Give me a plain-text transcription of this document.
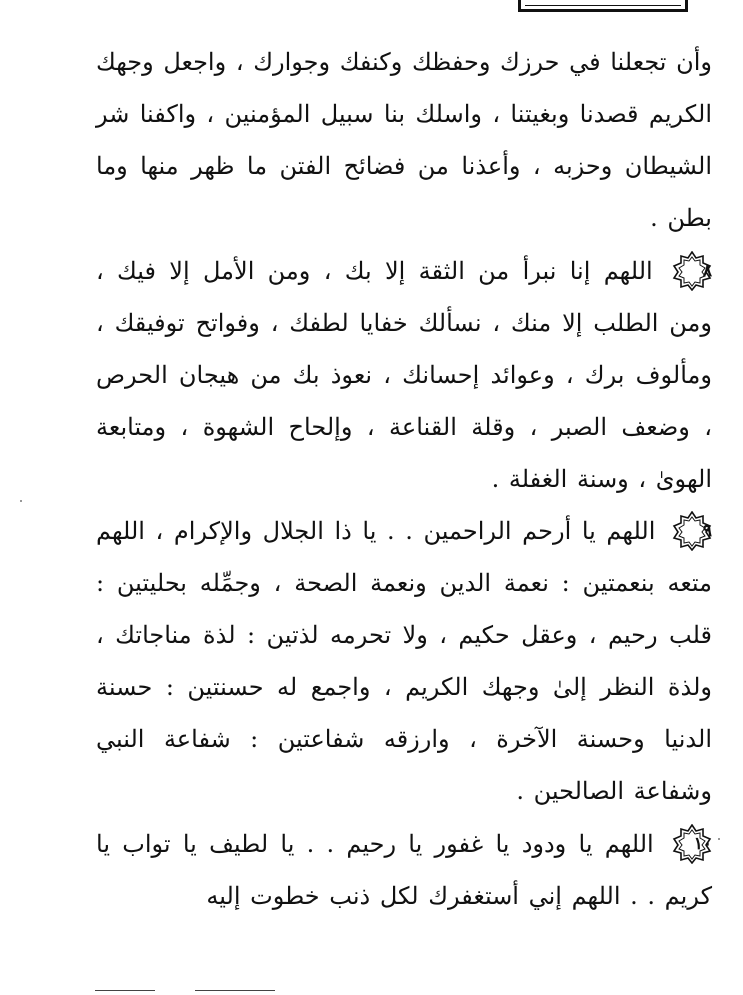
وأن تجعلنا في حرزك وحفظك وكنفك وجوارك ، واجعل وجهك الكريم قصدنا وبغيتنا ، واسلك بنا سبيل المؤمنين ، واكفنا شر الشيطان وحزبه ، وأعذنا من فضائح الفتن ما ظهر منها وما بطن .
٨
اللهم إنا نبرأ من الثقة إلا بك ، ومن الأمل إلا فيك ، ومن الطلب إلا منك ، نسألك خفايا لطفك ، وفواتح توفيقك ، ومألوف برك ، وعوائد إحسانك ، نعوذ بك من هيجان الحرص ، وضعف الصبر ، وقلة القناعة ، وإلحاح الشهوة ، ومتابعة الهوىٰ ، وسنة الغفلة .
٩
اللهم يا أرحم الراحمين . . يا ذا الجلال والإكرام ، اللهم متعه بنعمتين : نعمة الدين ونعمة الصحة ، وجمِّله بحليتين : قلب رحيم ، وعقل حكيم ، ولا تحرمه لذتين : لذة مناجاتك ، ولذة النظر إلىٰ وجهك الكريم ، واجمع له حسنتين : حسنة الدنيا وحسنة الآخرة ، وارزقه شفاعتين : شفاعة النبي وشفاعة الصالحين .
١٠
اللهم يا ودود يا غفور يا رحيم . . يا لطيف يا تواب يا كريم . . اللهم إني أستغفرك لكل ذنب خطوت إليه
